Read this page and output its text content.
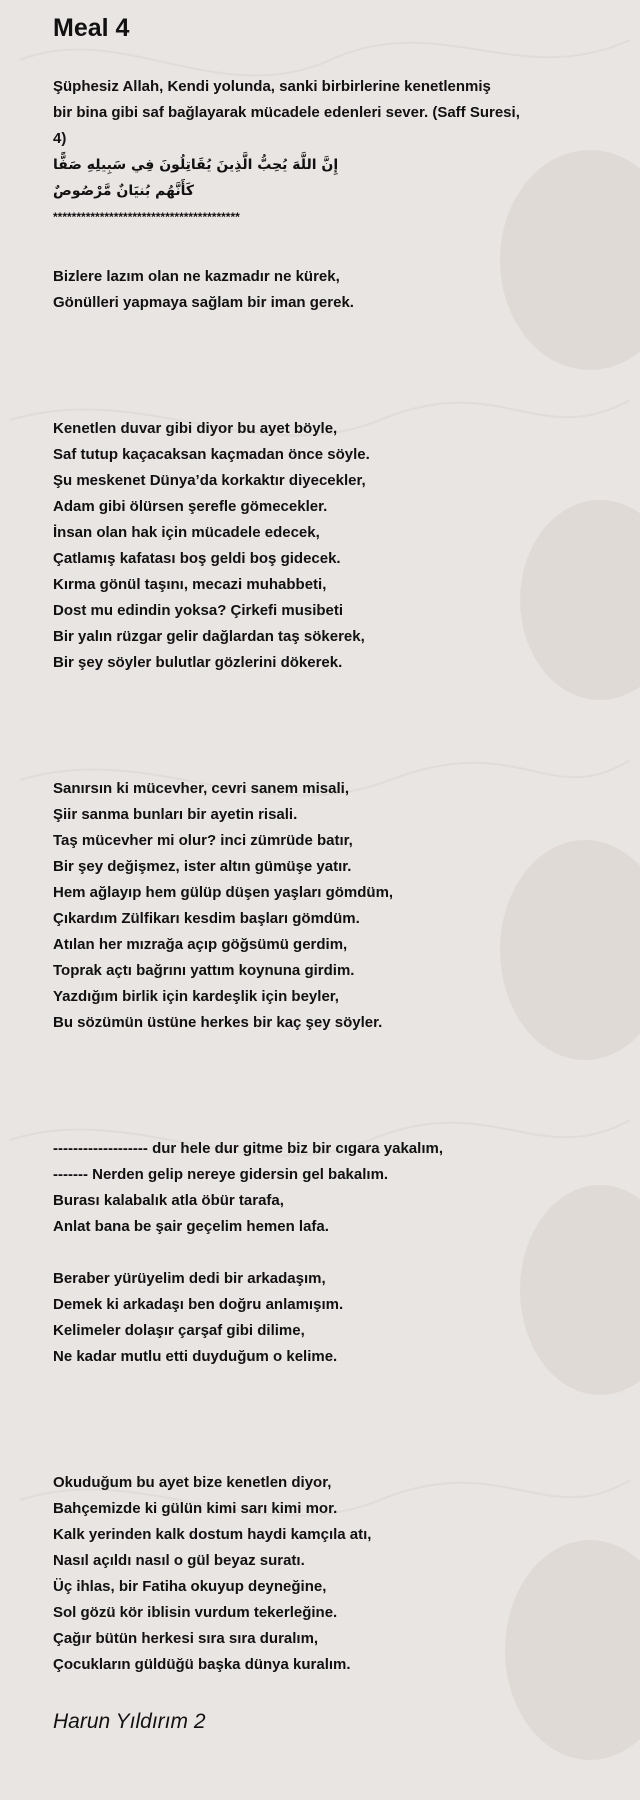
Meal 4
Şüphesiz Allah, Kendi yolunda, sanki birbirlerine kenetlenmiş
bir bina gibi saf bağlayarak mücadele edenleri sever. (Saff Suresi,
4)
إِنَّ اللَّهَ يُحِبُّ الَّذِينَ يُقَاتِلُونَ فِي سَبِيلِهِ صَفًّا
كَأَنَّهُم بُنيَانٌ مَّرْصُوصٌ
****************************************
Bizlere lazım olan ne kazmadır ne kürek,
Gönülleri yapmaya sağlam bir iman gerek.
Kenetlen duvar gibi diyor bu ayet böyle,
Saf tutup kaçacaksan kaçmadan önce söyle.
Şu meskenet Dünya’da korkaktır diyecekler,
Adam gibi ölürsen şerefle gömecekler.
İnsan olan hak için mücadele edecek,
Çatlamış kafatası boş geldi boş gidecek.
Kırma gönül taşını, mecazi muhabbeti,
Dost mu edindin yoksa? Çirkefi musibeti
Bir yalın rüzgar gelir dağlardan taş sökerek,
Bir şey söyler bulutlar gözlerini dökerek.
Sanırsın ki mücevher, cevri sanem misali,
Şiir sanma bunları bir ayetin risali.
Taş mücevher mi olur? inci zümrüde batır,
Bir şey değişmez, ister altın gümüşe yatır.
Hem ağlayıp hem gülüp düşen yaşları gömdüm,
Çıkardım Zülfikarı kesdim başları gömdüm.
Atılan her mızrağa açıp göğsümü gerdim,
Toprak açtı bağrını yattım koynuna girdim.
Yazdığım birlik için kardeşlik için beyler,
Bu sözümün üstüne herkes bir kaç şey söyler.
------------------- dur hele dur gitme biz bir cıgara yakalım,
------- Nerden gelip nereye gidersin gel bakalım.
Burası kalabalık atla öbür tarafa,
Anlat bana be şair geçelim hemen lafa.
Beraber yürüyelim dedi bir arkadaşım,
Demek ki arkadaşı ben doğru anlamışım.
Kelimeler dolaşır çarşaf gibi dilime,
Ne kadar mutlu etti duyduğum o kelime.
Okuduğum bu ayet bize kenetlen diyor,
Bahçemizde ki gülün kimi sarı kimi mor.
Kalk yerinden kalk dostum haydi kamçıla atı,
Nasıl açıldı nasıl o gül beyaz suratı.
Üç ihlas, bir Fatiha okuyup deyneğine,
Sol gözü kör iblisin vurdum tekerleğine.
Çağır bütün herkesi sıra sıra duralım,
Çocukların güldüğü başka dünya kuralım.
Harun Yıldırım 2
